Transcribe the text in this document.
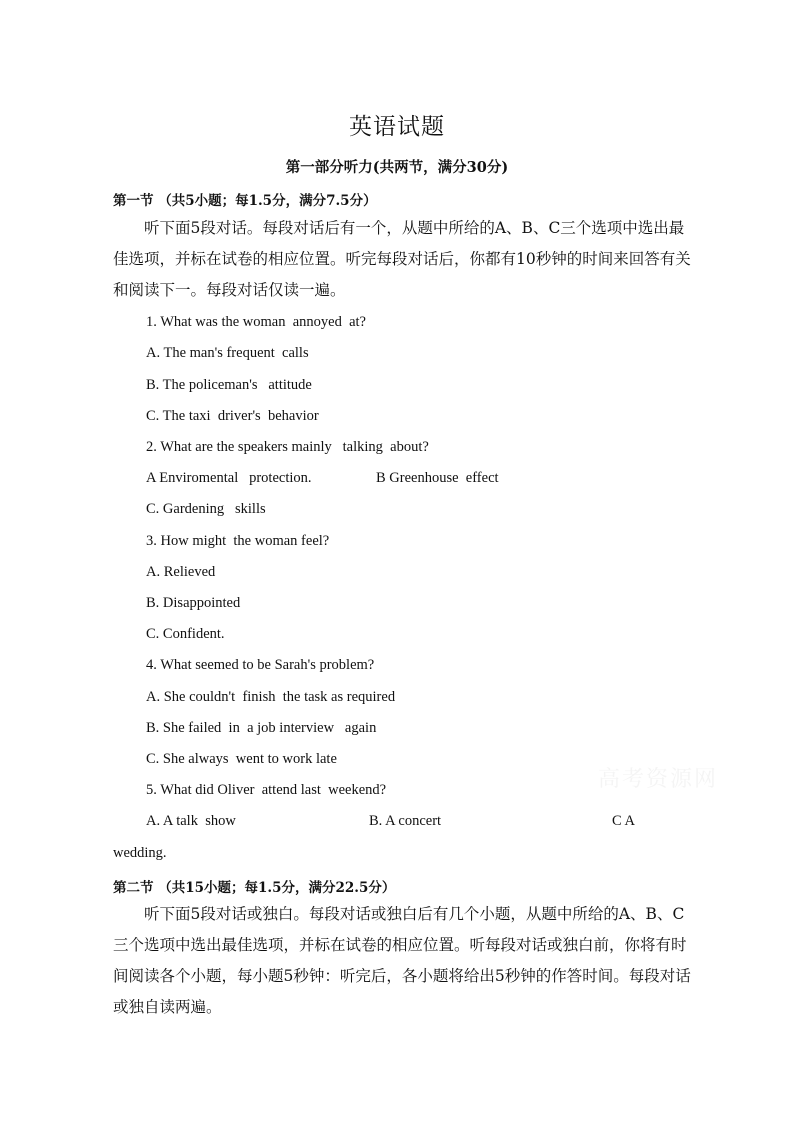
英语试题
第一部分听力(共两节，满分30分)
第一节 （共5小题；每1.5分，满分7.5分）
听下面5段对话。每段对话后有一个，从题中所给的A、B、C三个选项中选出最佳选项，并标在试卷的相应位置。听完每段对话后，你都有10秒钟的时间来回答有关和阅读下一。每段对话仅读一遍。
1. What was the woman  annoyed  at?
A. The man's frequent  calls
B. The policeman's   attitude
C. The taxi  driver's  behavior
2. What are the speakers mainly   talking  about?
A Enviromental   protection.	B Greenhouse  effect
C. Gardening   skills
3. How might  the woman feel?
A. Relieved
B. Disappointed
C. Confident.
4. What seemed to be Sarah's problem?
A. She couldn't  finish  the task as required
B. She failed  in  a job interview   again
C. She always  went to work late
5. What did Oliver  attend last  weekend?
A. A talk  show	B. A concert	C A
wedding.
第二节 （共15小题；每1.5分，满分22.5分）
听下面5段对话或独白。每段对话或独白后有几个小题，从题中所给的A、B、C三个选项中选出最佳选项，并标在试卷的相应位置。听每段对话或独白前，你将有时间阅读各个小题，每小题5秒钟：听完后，各小题将给出5秒钟的作答时间。每段对话或独自读两遍。
高考资源网
